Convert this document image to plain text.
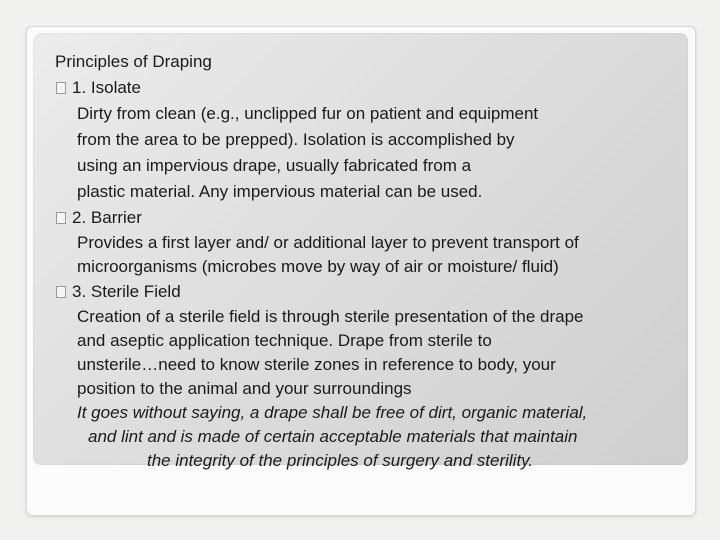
Principles of Draping
1. Isolate
Dirty from clean (e.g., unclipped fur on patient and equipment
from the area to be prepped). Isolation is accomplished by
using an impervious drape, usually fabricated from a
plastic material. Any impervious material can be used.
2. Barrier
Provides a first layer and/ or additional layer to prevent transport of
microorganisms (microbes move by way of air or moisture/ fluid)
3. Sterile Field
Creation of a sterile field is through sterile presentation of the drape
and aseptic application technique. Drape from sterile to
unsterile…need to know sterile zones in reference to body, your
position to the animal and your surroundings
It goes without saying, a drape shall be free of dirt, organic material,
and lint and is made of certain acceptable materials that maintain
the integrity of the principles of surgery and sterility.
